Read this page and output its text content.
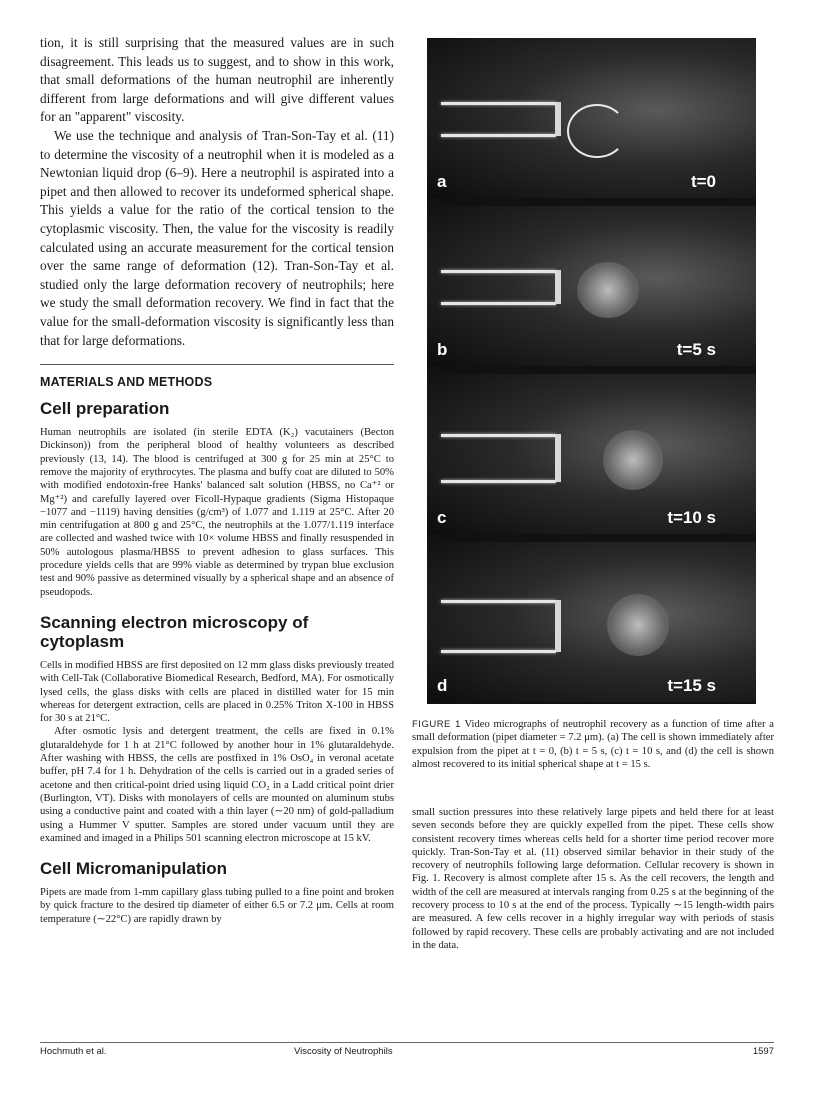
tion, it is still surprising that the measured values are in such disagreement. This leads us to suggest, and to show in this work, that small deformations of the human neutrophil are inherently different from large deformations and will give different values for an "apparent" viscosity.

We use the technique and analysis of Tran-Son-Tay et al. (11) to determine the viscosity of a neutrophil when it is modeled as a Newtonian liquid drop (6–9). Here a neutrophil is aspirated into a pipet and then allowed to recover its undeformed spherical shape. This yields a value for the ratio of the cortical tension to the cytoplasmic viscosity. Then, the value for the viscosity is readily calculated using an accurate measurement for the cortical tension over the same range of deformation (12). Tran-Son-Tay et al. studied only the large deformation recovery of neutrophils; here we study the small deformation recovery. We find in fact that the value for the small-deformation viscosity is significantly less than that for large deformations.

MATERIALS AND METHODS
Cell preparation

Human neutrophils are isolated (in sterile EDTA (K₂) vacutainers (Becton Dickinson)) from the peripheral blood of healthy volunteers as described previously (13, 14). The blood is centrifuged at 300 g for 25 min at 25°C to remove the majority of erythrocytes. The plasma and buffy coat are diluted to 50% with modified endotoxin-free Hanks' balanced salt solution (HBSS, no Ca⁺² or Mg⁺²) and carefully layered over Ficoll-Hypaque gradients (Sigma Histopaque −1077 and −1119) having densities (g/cm³) of 1.077 and 1.119 at 25°C. After 20 min centrifugation at 800 g and 25°C, the neutrophils at the 1.077/1.119 interface are collected and washed twice with 10× volume HBSS and finally resuspended in 50% autologous plasma/HBSS to prevent adhesion to glass surfaces. This procedure yields cells that are 99% viable as determined by trypan blue exclusion test and 90% passive as determined visually by a spherical shape and an absence of pseudopods.

Scanning electron microscopy of cytoplasm

Cells in modified HBSS are first deposited on 12 mm glass disks previously treated with Cell-Tak (Collaborative Biomedical Research, Bedford, MA). For osmotically lysed cells, the glass disks with cells are placed in distilled water for 15 min whereas for detergent extraction, cells are placed in 0.25% Triton X-100 in HBSS for 30 s at 21°C.

After osmotic lysis and detergent treatment, the cells are fixed in 0.1% glutaraldehyde for 1 h at 21°C followed by another hour in 1% glutaraldehyde. After washing with HBSS, the cells are postfixed in 1% OsO₄ in veronal acetate buffer, pH 7.4 for 1 h. Dehydration of the cells is carried out in a graded series of acetone and then critical-point dried using liquid CO₂ in a Ladd critical point drier (Burlington, VT). Disks with monolayers of cells are mounted on aluminum stubs using a conductive paint and coated with a thin layer (∼20 nm) of gold-palladium using a Hummer V sputter. Samples are stored under vacuum until they are examined and imaged in a Philips 501 scanning electron microscope at 15 kV.

Cell Micromanipulation

Pipets are made from 1-mm capillary glass tubing pulled to a fine point and broken by quick fracture to the desired tip diameter of either 6.5 or 7.2 μm. Cells at room temperature (∼22°C) are rapidly drawn by

a	t=0
b	t=5 s
c	t=10 s
d	t=15 s
FIGURE 1 Video micrographs of neutrophil recovery as a function of time after a small deformation (pipet diameter = 7.2 μm). (a) The cell is shown immediately after expulsion from the pipet at t = 0, (b) t = 5 s, (c) t = 10 s, and (d) the cell is shown almost recovered to its initial spherical shape at t = 15 s.

small suction pressures into these relatively large pipets and held there for at least seven seconds before they are quickly expelled from the pipet. These cells show consistent recovery times whereas cells held for a shorter time period recover more quickly. Tran-Son-Tay et al. (11) observed similar behavior in their study of the recovery of neutrophils following large deformation. Cellular recovery is shown in Fig. 1. Recovery is almost complete after 15 s. As the cell recovers, the length and width of the cell are measured at intervals ranging from 0.25 s at the beginning of the recovery process to 10 s at the end of the process. Typically ∼15 length-width pairs are measured. A few cells recover in a highly irregular way with periods of stasis followed by rapid recovery. These cells are probably activating and are not included in the data.

Hochmuth et al.	Viscosity of Neutrophils	1597
